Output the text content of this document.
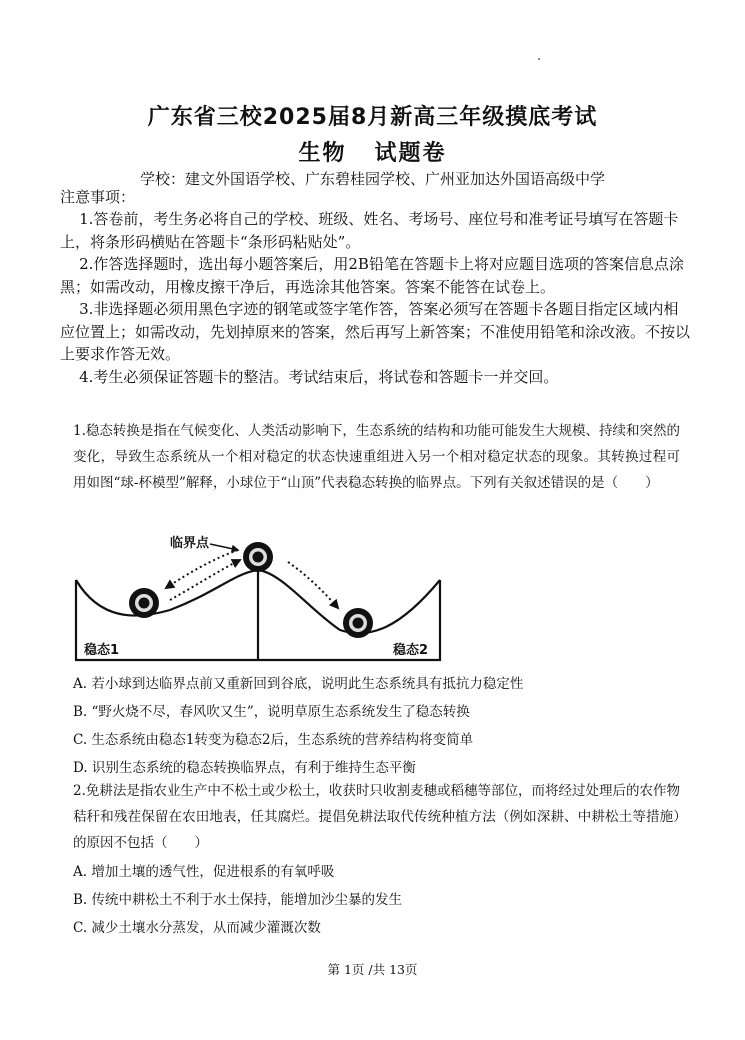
广东省三校2025届8月新高三年级摸底考试
生物 试题卷
学校：建文外国语学校、广东碧桂园学校、广州亚加达外国语高级中学
注意事项：

1.答卷前，考生务必将自己的学校、班级、姓名、考场号、座位号和准考证号填写在答题卡上，将条形码横贴在答题卡“条形码粘贴处”。

2.作答选择题时，选出每小题答案后，用2B铅笔在答题卡上将对应题目选项的答案信息点涂黑；如需改动，用橡皮擦干净后，再选涂其他答案。答案不能答在试卷上。

3.非选择题必须用黑色字迹的钢笔或签字笔作答，答案必须写在答题卡各题目指定区域内相应位置上；如需改动，先划掉原来的答案，然后再写上新答案；不准使用铅笔和涂改液。不按以上要求作答无效。

4.考生必须保证答题卡的整洁。考试结束后，将试卷和答题卡一并交回。

1.稳态转换是指在气候变化、人类活动影响下，生态系统的结构和功能可能发生大规模、持续和突然的变化，导致生态系统从一个相对稳定的状态快速重组进入另一个相对稳定状态的现象。其转换过程可用如图“球-杯模型”解释，小球位于“山顶”代表稳态转换的临界点。下列有关叙述错误的是（　　）
临界点
稳态1	稳态2
A. 若小球到达临界点前又重新回到谷底，说明此生态系统具有抵抗力稳定性
B. “野火烧不尽，春风吹又生”，说明草原生态系统发生了稳态转换
C. 生态系统由稳态1转变为稳态2后，生态系统的营养结构将变简单
D. 识别生态系统的稳态转换临界点，有利于维持生态平衡
2.免耕法是指农业生产中不松土或少松土，收获时只收割麦穗或稻穗等部位，而将经过处理后的农作物秸秆和残茬保留在农田地表，任其腐烂。提倡免耕法取代传统种植方法（例如深耕、中耕松土等措施）的原因不包括（　　）
A. 增加土壤的透气性，促进根系的有氧呼吸
B. 传统中耕松土不利于水土保持，能增加沙尘暴的发生
C. 减少土壤水分蒸发，从而减少灌溉次数
第 1页 /共 13页
